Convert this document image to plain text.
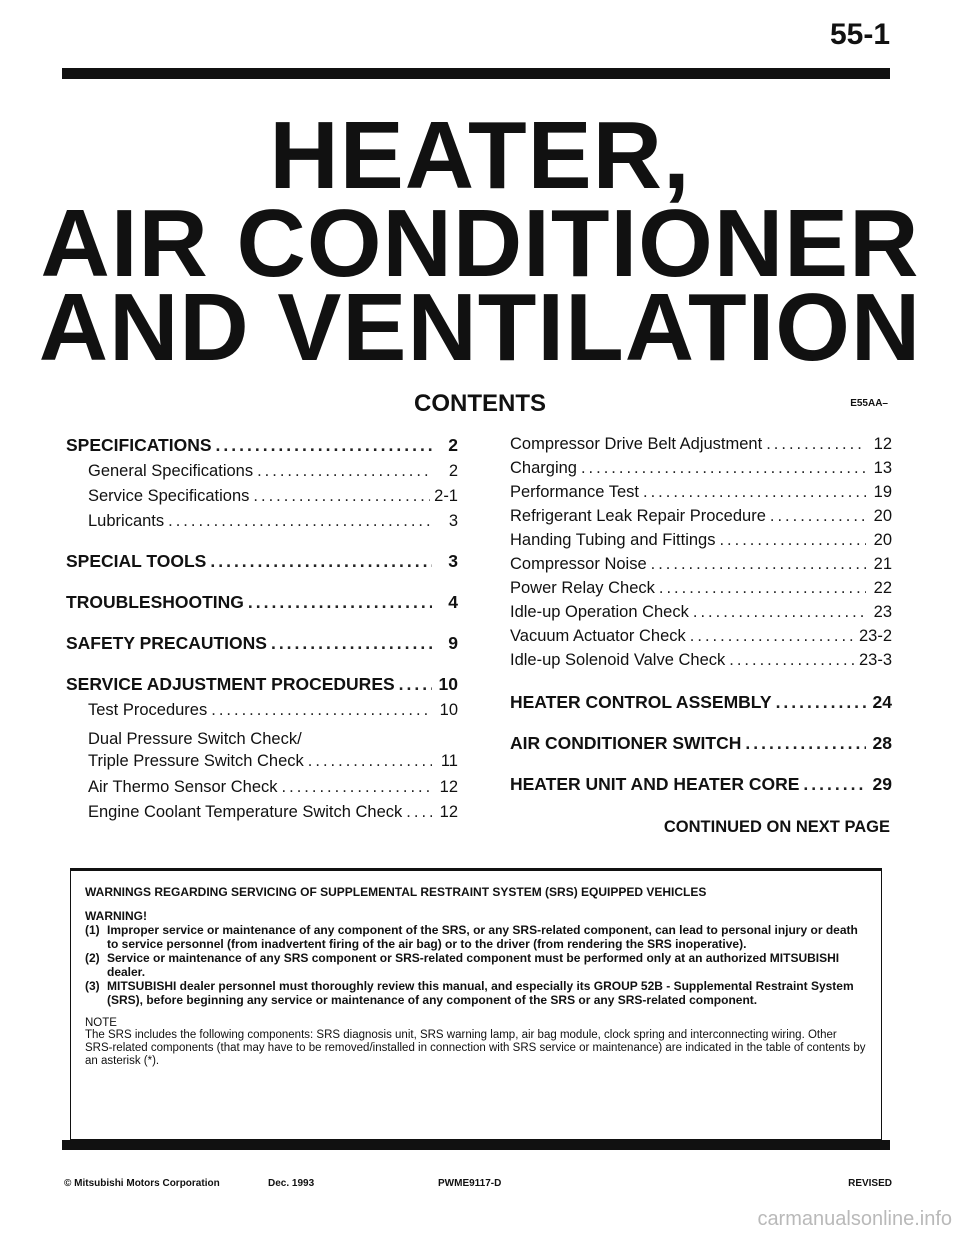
55-1
HEATER,
AIR CONDITIONER
AND VENTILATION
CONTENTS	E55AA–
SPECIFICATIONS .....	2
General Specifications .....	2
Service Specifications .....	2-1
Lubricants .....	3
SPECIAL TOOLS .....	3
TROUBLESHOOTING .....	4
SAFETY PRECAUTIONS .....	9
SERVICE ADJUSTMENT PROCEDURES .....	10
Test Procedures .....	10
Dual Pressure Switch Check/
Triple Pressure Switch Check .....	11
Air Thermo Sensor Check .....	12
Engine Coolant Temperature Switch Check ..... 12
Compressor Drive Belt Adjustment .....	12
Charging .....	13
Performance Test .....	19
Refrigerant Leak Repair Procedure .....	20
Handing Tubing and Fittings .....	20
Compressor Noise .....	21
Power Relay Check .....	22
Idle-up Operation Check .....	23
Vacuum Actuator Check .....	23-2
Idle-up Solenoid Valve Check .....	23-3
HEATER CONTROL ASSEMBLY .....	24
AIR CONDITIONER SWITCH .....	28
HEATER UNIT AND HEATER CORE .....	29
CONTINUED ON NEXT PAGE
WARNINGS REGARDING SERVICING OF SUPPLEMENTAL RESTRAINT SYSTEM (SRS) EQUIPPED VEHICLES
WARNING!
(1) Improper service or maintenance of any component of the SRS, or any SRS-related component, can lead to personal injury or death to service personnel (from inadvertent firing of the air bag) or to the driver (from rendering the SRS inoperative).
(2) Service or maintenance of any SRS component or SRS-related component must be performed only at an authorized MITSUBISHI dealer.
(3) MITSUBISHI dealer personnel must thoroughly review this manual, and especially its GROUP 52B - Supplemental Restraint System (SRS), before beginning any service or maintenance of any component of the SRS or any SRS-related component.
NOTE
The SRS includes the following components: SRS diagnosis unit, SRS warning lamp, air bag module, clock spring and interconnecting wiring. Other SRS-related components (that may have to be removed/installed in connection with SRS service or maintenance) are indicated in the table of contents by an asterisk (*).
© Mitsubishi Motors Corporation	Dec. 1993	PWME9117-D	REVISED
carmanualsonline.info
